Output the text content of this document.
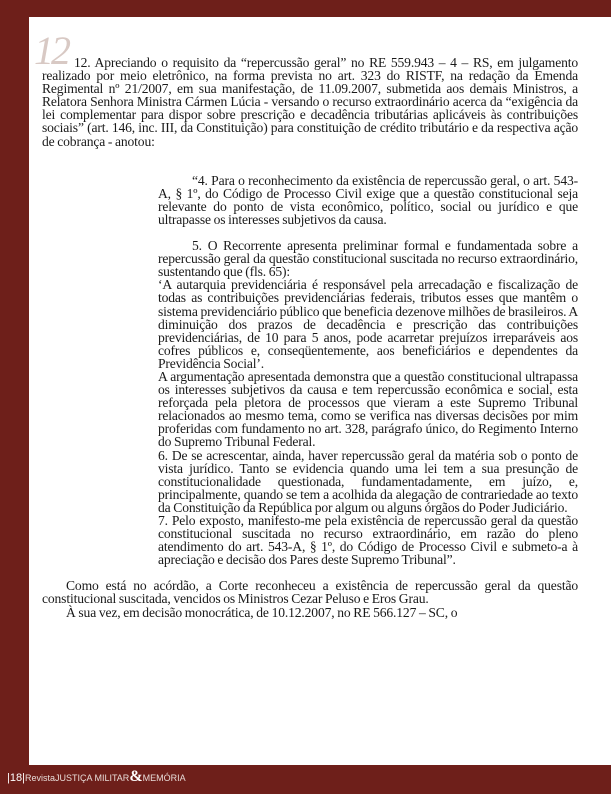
12 12. Apreciando o requisito da “repercussão geral” no RE 559.943 – 4 – RS, em julgamento realizado por meio eletrônico, na forma prevista no art. 323 do RISTF, na redação da Emenda Regimental nº 21/2007, em sua manifestação, de 11.09.2007, submetida aos demais Ministros, a Relatora Senhora Ministra Cármen Lúcia - versando o recurso extraordinário acerca da “exigência da lei complementar para dispor sobre prescrição e decadência tributárias aplicáveis às contribuições sociais” (art. 146, inc. III, da Constituição) para constituição de crédito tributário e da respectiva ação de cobrança - anotou:

“4. Para o reconhecimento da existência de repercussão geral, o art. 543-A, § 1º, do Código de Processo Civil exige que a questão constitucional seja relevante do ponto de vista econômico, político, social ou jurídico e que ultrapasse os interesses subjetivos da causa.

5. O Recorrente apresenta preliminar formal e fundamentada sobre a repercussão geral da questão constitucional suscitada no recurso extraordinário, sustentando que (fls. 65):

‘A autarquia previdenciária é responsável pela arrecadação e fiscalização de todas as contribuições previdenciárias federais, tributos esses que mantêm o sistema previdenciário público que beneficia dezenove milhões de brasileiros. A diminuição dos prazos de decadência e prescrição das contribuições previdenciárias, de 10 para 5 anos, pode acarretar prejuízos irreparáveis aos cofres públicos e, conseqüentemente, aos beneficiários e dependentes da Previdência Social’.

A argumentação apresentada demonstra que a questão constitucional ultrapassa os interesses subjetivos da causa e tem repercussão econômica e social, esta reforçada pela pletora de processos que vieram a este Supremo Tribunal relacionados ao mesmo tema, como se verifica nas diversas decisões por mim proferidas com fundamento no art. 328, parágrafo único, do Regimento Interno do Supremo Tribunal Federal.

6. De se acrescentar, ainda, haver repercussão geral da matéria sob o ponto de vista jurídico. Tanto se evidencia quando uma lei tem a sua presunção de constitucionalidade questionada, fundamentadamente, em juízo, e, principalmente, quando se tem a acolhida da alegação de contrariedade ao texto da Constituição da República por algum ou alguns órgãos do Poder Judiciário.

7. Pelo exposto, manifesto-me pela existência de repercussão geral da questão constitucional suscitada no recurso extraordinário, em razão do pleno atendimento do art. 543-A, § 1º, do Código de Processo Civil e submeto-a à apreciação e decisão dos Pares deste Supremo Tribunal”.

Como está no acórdão, a Corte reconheceu a existência de repercussão geral da questão constitucional suscitada, vencidos os Ministros Cezar Peluso e Eros Grau.

À sua vez, em decisão monocrática, de 10.12.2007, no RE 566.127 – SC, o

|18|RevistaJUSTIÇA MILITAR&MEMÓRIA
